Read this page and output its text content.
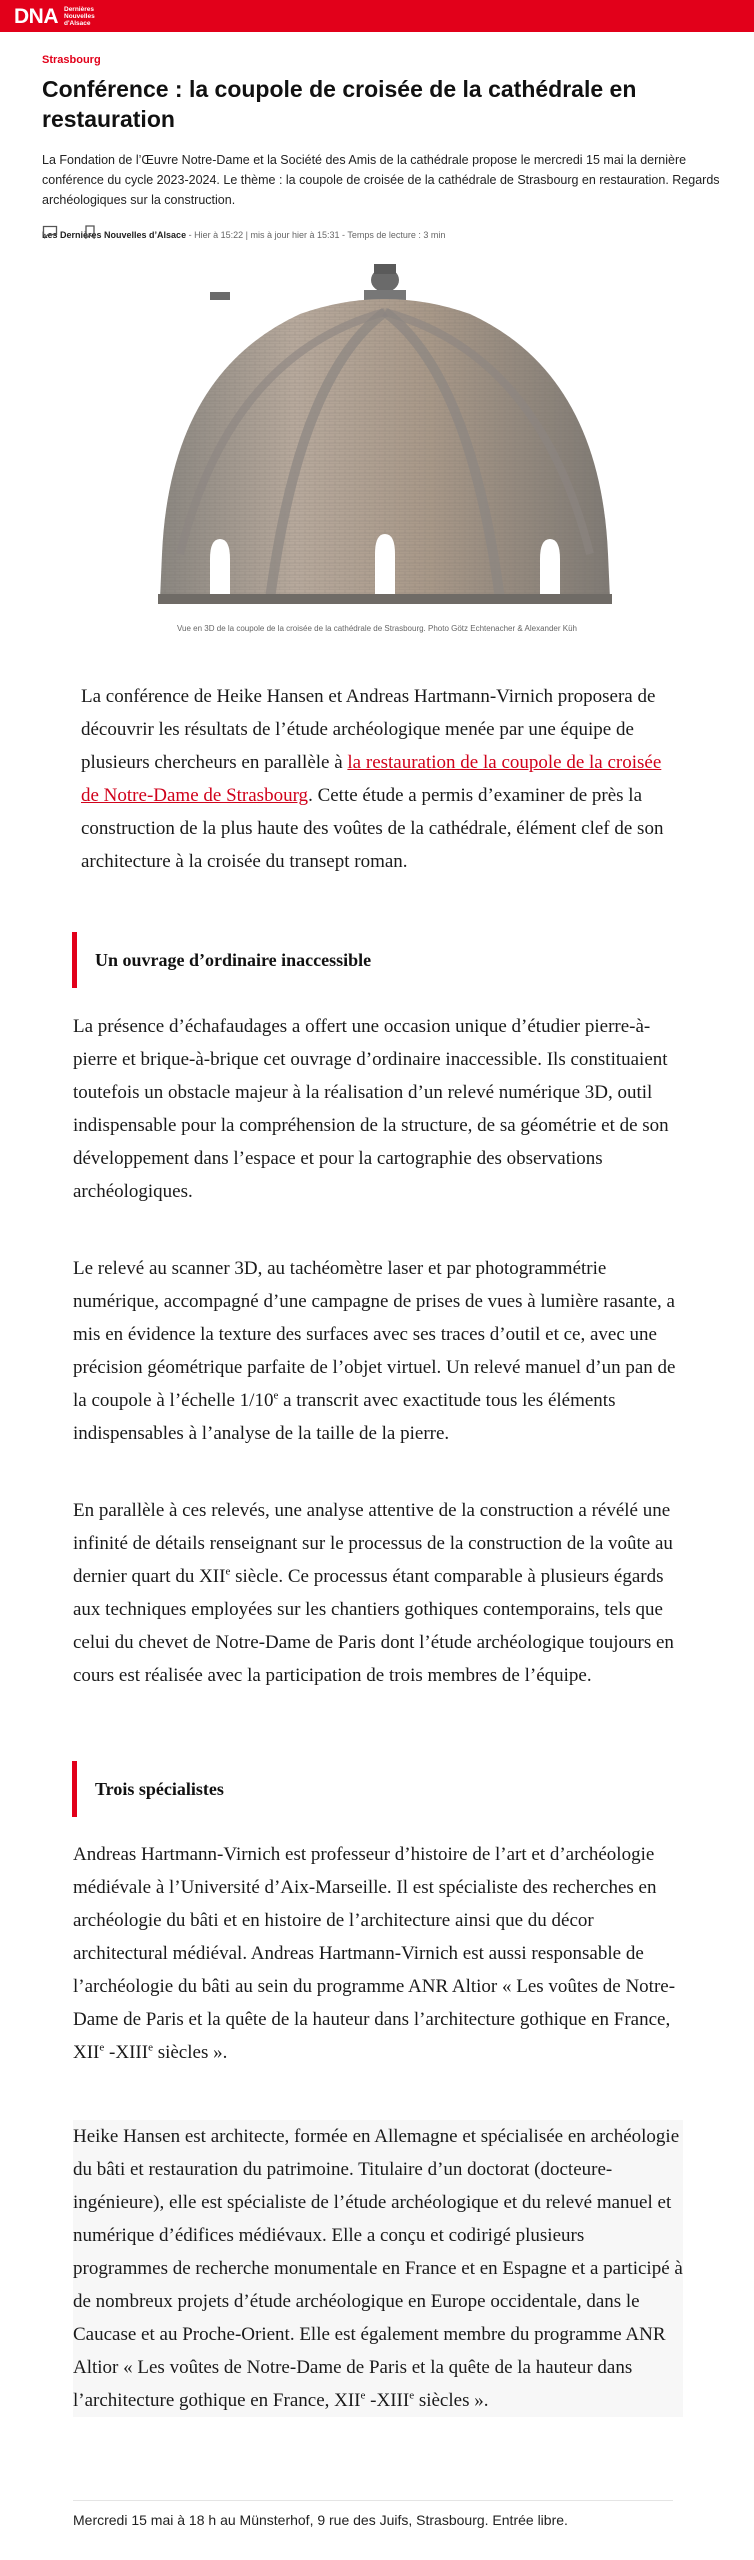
DNA Dernières Nouvelles d'Alsace

Strasbourg

Conférence : la coupole de croisée de la cathédrale en restauration

La Fondation de l’Œuvre Notre-Dame et la Société des Amis de la cathédrale propose le mercredi 15 mai la dernière conférence du cycle 2023-2024. Le thème : la coupole de croisée de la cathédrale de Strasbourg en restauration. Regards archéologiques sur la construction.

Les Dernières Nouvelles d’Alsace - Hier à 15:22 | mis à jour hier à 15:31 - Temps de lecture : 3 min

Vue en 3D de la coupole de la croisée de la cathédrale de Strasbourg. Photo Götz Echtenacher & Alexander Küh

La conférence de Heike Hansen et Andreas Hartmann-Virnich proposera de découvrir les résultats de l’étude archéologique menée par une équipe de plusieurs chercheurs en parallèle à la restauration de la coupole de la croisée de Notre-Dame de Strasbourg. Cette étude a permis d’examiner de près la construction de la plus haute des voûtes de la cathédrale, élément clef de son architecture à la croisée du transept roman.

Un ouvrage d’ordinaire inaccessible

La présence d’échafaudages a offert une occasion unique d’étudier pierre-à-pierre et brique-à-brique cet ouvrage d’ordinaire inaccessible. Ils constituaient toutefois un obstacle majeur à la réalisation d’un relevé numérique 3D, outil indispensable pour la compréhension de la structure, de sa géométrie et de son développement dans l’espace et pour la cartographie des observations archéologiques.

Le relevé au scanner 3D, au tachéomètre laser et par photogrammétrie numérique, accompagné d’une campagne de prises de vues à lumière rasante, a mis en évidence la texture des surfaces avec ses traces d’outil et ce, avec une précision géométrique parfaite de l’objet virtuel. Un relevé manuel d’un pan de la coupole à l’échelle 1/10e a transcrit avec exactitude tous les éléments indispensables à l’analyse de la taille de la pierre.

En parallèle à ces relevés, une analyse attentive de la construction a révélé une infinité de détails renseignant sur le processus de la construction de la voûte au dernier quart du XIIe siècle. Ce processus étant comparable à plusieurs égards aux techniques employées sur les chantiers gothiques contemporains, tels que celui du chevet de Notre-Dame de Paris dont l’étude archéologique toujours en cours est réalisée avec la participation de trois membres de l’équipe.

Trois spécialistes

Andreas Hartmann-Virnich est professeur d’histoire de l’art et d’archéologie médiévale à l’Université d’Aix-Marseille. Il est spécialiste des recherches en archéologie du bâti et en histoire de l’architecture ainsi que du décor architectural médiéval. Andreas Hartmann-Virnich est aussi responsable de l’archéologie du bâti au sein du programme ANR Altior « Les voûtes de Notre-Dame de Paris et la quête de la hauteur dans l’architecture gothique en France, XIIe -XIIIe siècles ».

Heike Hansen est architecte, formée en Allemagne et spécialisée en archéologie du bâti et restauration du patrimoine. Titulaire d’un doctorat (docteure-ingénieure), elle est spécialiste de l’étude archéologique et du relevé manuel et numérique d’édifices médiévaux. Elle a conçu et codirigé plusieurs programmes de recherche monumentale en France et en Espagne et a participé à de nombreux projets d’étude archéologique en Europe occidentale, dans le Caucase et au Proche-Orient. Elle est également membre du programme ANR Altior « Les voûtes de Notre-Dame de Paris et la quête de la hauteur dans l’architecture gothique en France, XIIe -XIIIe siècles ».

Mercredi 15 mai à 18 h au Münsterhof, 9 rue des Juifs, Strasbourg. Entrée libre.
